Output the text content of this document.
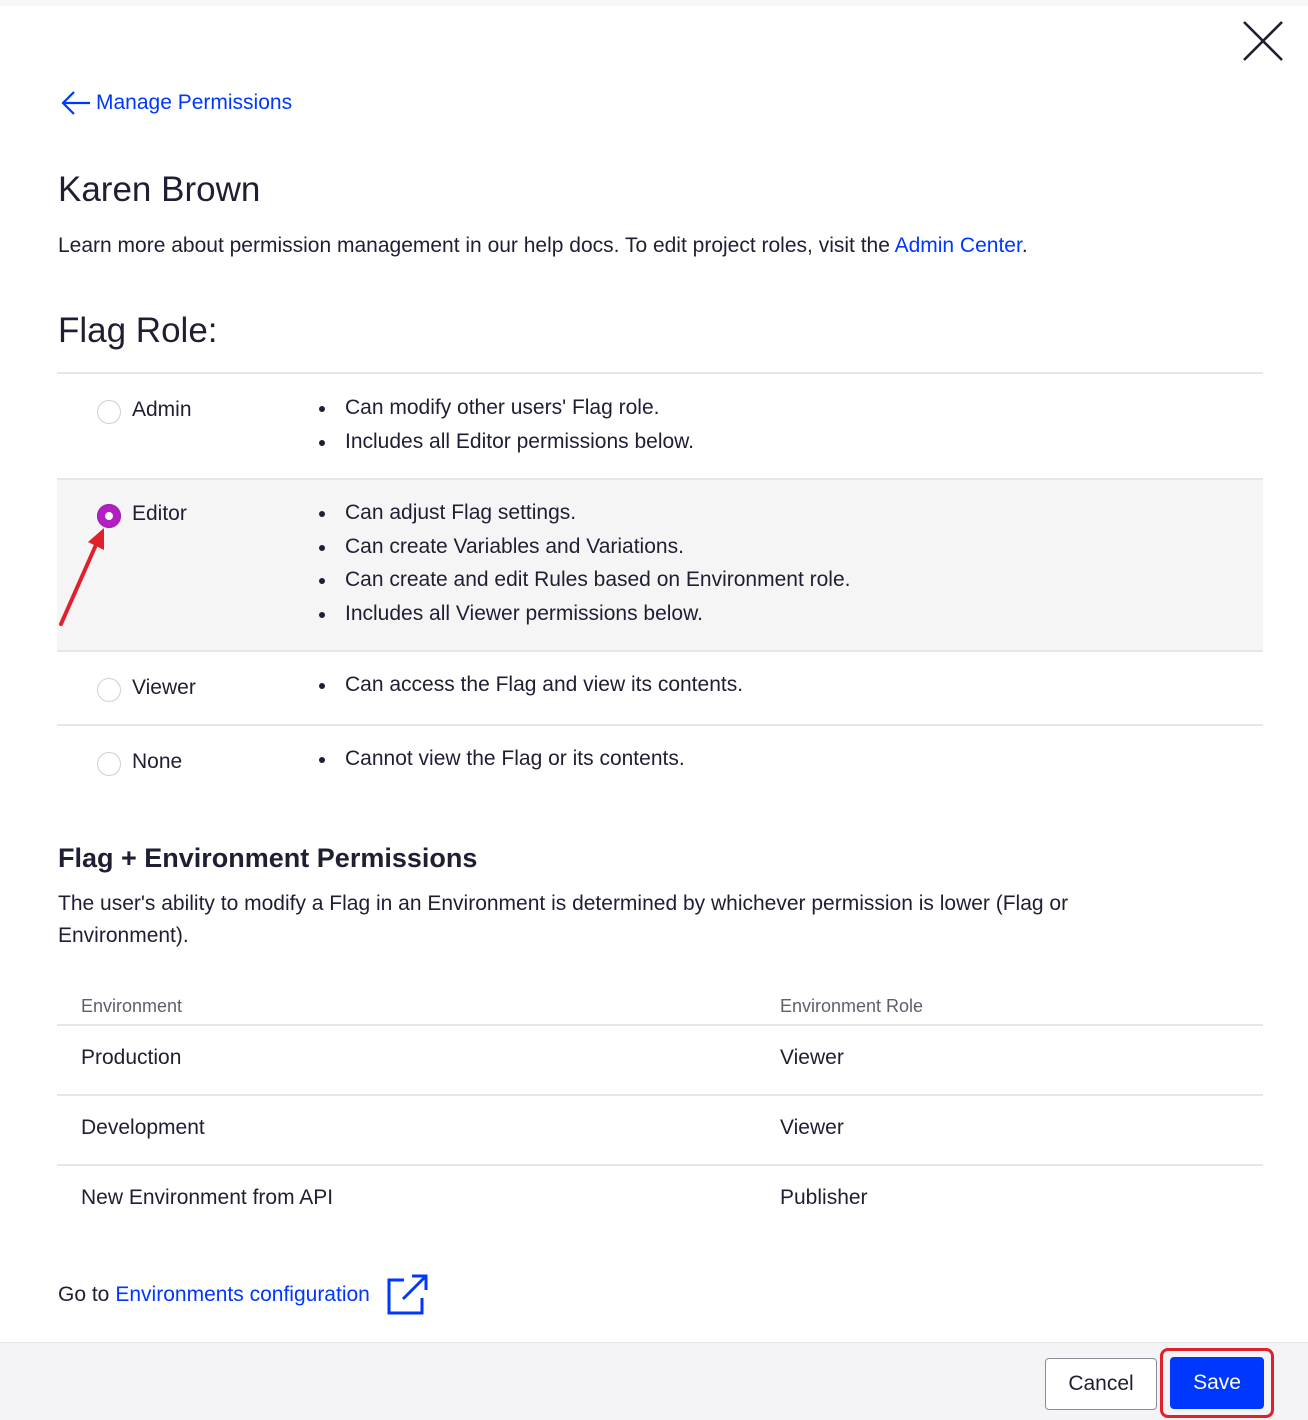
Manage Permissions
Karen Brown

Learn more about permission management in our help docs. To edit project roles, visit the Admin Center.

Flag Role:
Admin	Can modify other users' Flag role.
Includes all Editor permissions below.
Editor	Can adjust Flag settings.
Can create Variables and Variations.
Can create and edit Rules based on Environment role.
Includes all Viewer permissions below.
Viewer	Can access the Flag and view its contents.
None	Cannot view the Flag or its contents.
Flag + Environment Permissions

The user's ability to modify a Flag in an Environment is determined by whichever permission is lower (Flag or Environment).

Environment	Environment Role
Production	Viewer
Development	Viewer
New Environment from API	Publisher
Go to Environments configuration
Cancel	Save
